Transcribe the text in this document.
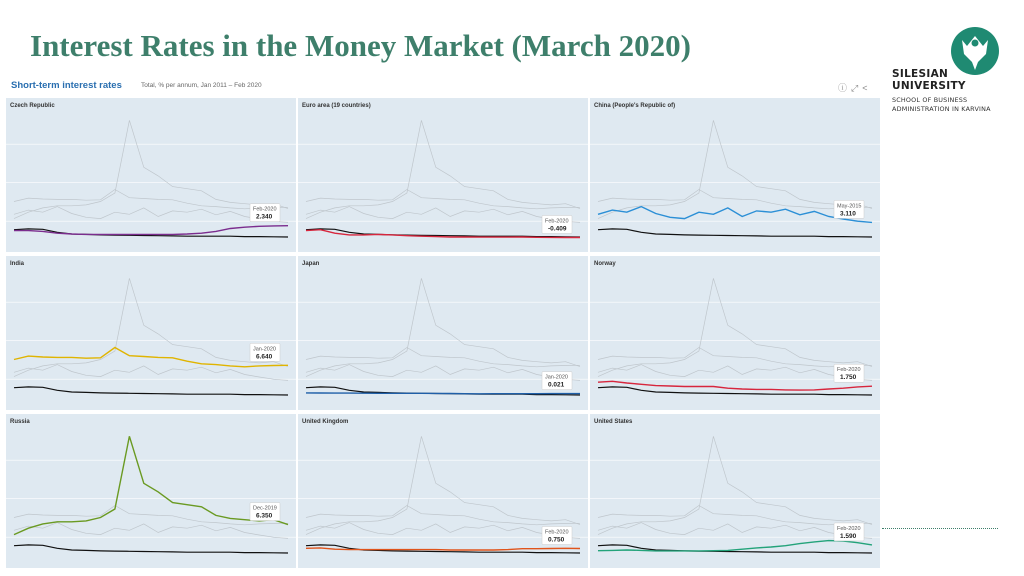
Interest Rates in the Money Market (March 2020)
SILESIAN
UNIVERSITY
SCHOOL OF BUSINESS
ADMINISTRATION IN KARVINA
Short-term interest rates	Total, % per annum, Jan 2011 – Feb 2020	ⓘ⤢<
Czech Republic
Feb-2020
2.340
Euro area (19 countries)
Feb-2020
-0.409
China (People's Republic of)
May-2015
3.110
India
Jan-2020
6.640
Japan
Jan-2020
0.021
Norway
Feb-2020
1.750
Russia
Dec-2019
6.350
United Kingdom
Feb-2020
0.750
United States
Feb-2020
1.590
